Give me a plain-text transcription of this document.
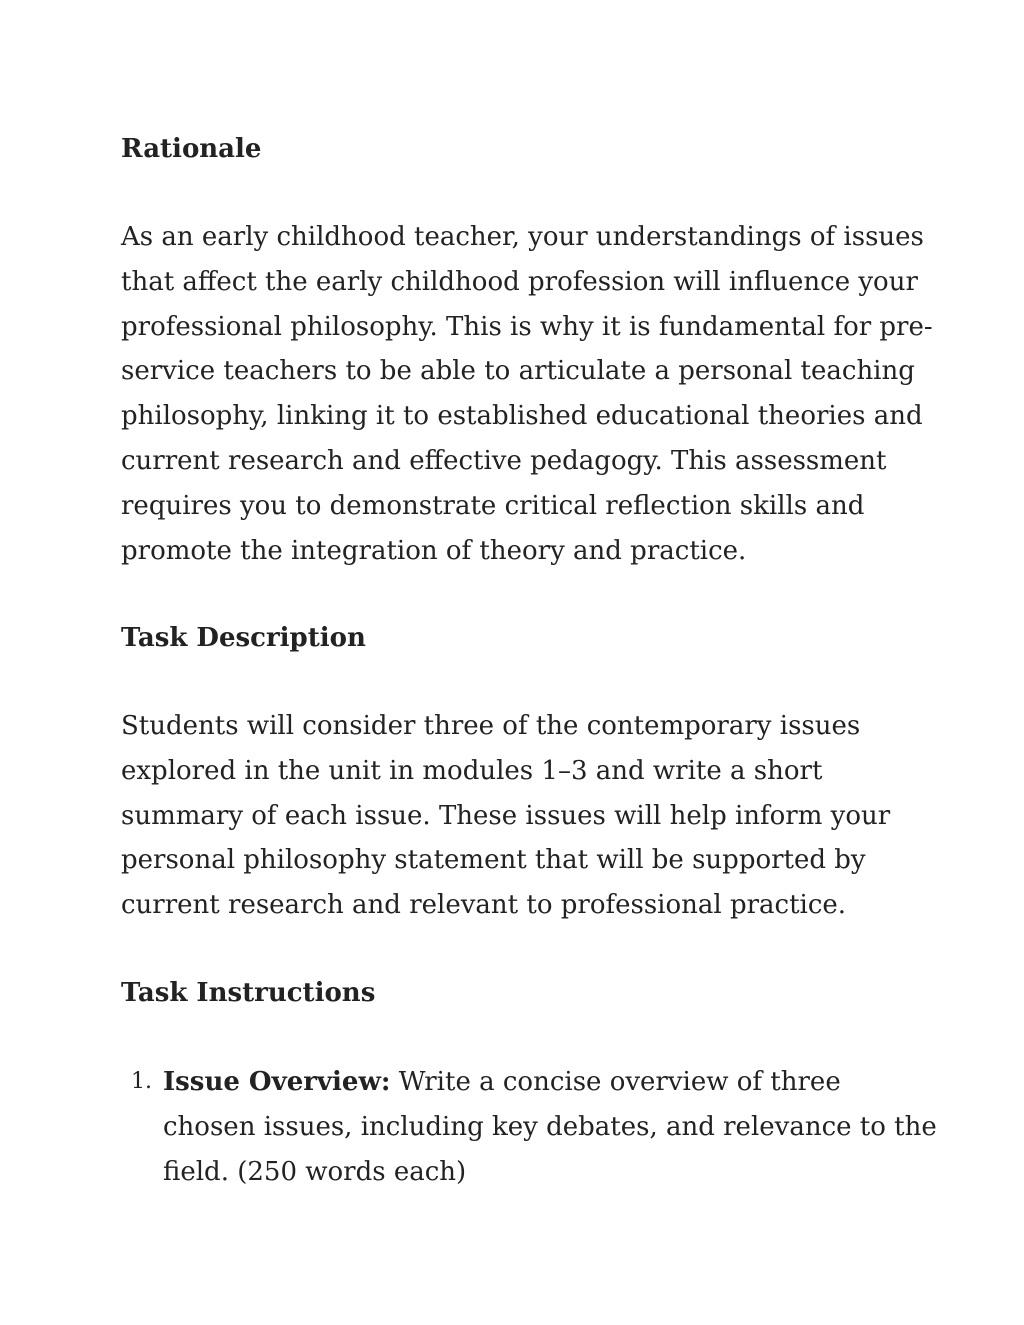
Rationale
As an early childhood teacher, your understandings of issues
that affect the early childhood profession will influence your
professional philosophy. This is why it is fundamental for pre-
service teachers to be able to articulate a personal teaching
philosophy, linking it to established educational theories and
current research and effective pedagogy. This assessment
requires you to demonstrate critical reflection skills and
promote the integration of theory and practice.
Task Description
Students will consider three of the contemporary issues
explored in the unit in modules 1–3 and write a short
summary of each issue. These issues will help inform your
personal philosophy statement that will be supported by
current research and relevant to professional practice.
Task Instructions
1. Issue Overview: Write a concise overview of three
chosen issues, including key debates, and relevance to the
field. (250 words each)
